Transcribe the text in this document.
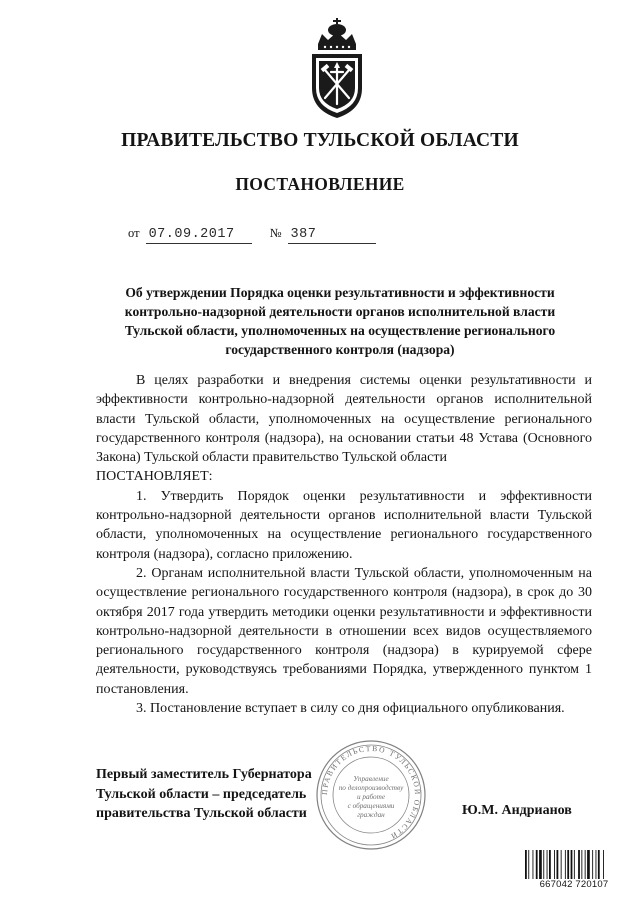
ПРАВИТЕЛЬСТВО ТУЛЬСКОЙ ОБЛАСТИ
ПОСТАНОВЛЕНИЕ
от 07.09.2017	№ 387
Об утверждении Порядка оценки результативности и эффективности контрольно-надзорной деятельности органов исполнительной власти Тульской области, уполномоченных на осуществление регионального государственного контроля (надзора)

В целях разработки и внедрения системы оценки результативности и эффективности контрольно-надзорной деятельности органов исполнительной власти Тульской области, уполномоченных на осуществление регионального государственного контроля (надзора), на основании статьи 48 Устава (Основного Закона) Тульской области правительство Тульской области

ПОСТАНОВЛЯЕТ:

1. Утвердить Порядок оценки результативности и эффективности контрольно-надзорной деятельности органов исполнительной власти Тульской области, уполномоченных на осуществление регионального государственного контроля (надзора), согласно приложению.

2. Органам исполнительной власти Тульской области, уполномоченным на осуществление регионального государственного контроля (надзора), в срок до 30 октября 2017 года утвердить методики оценки результативности и эффективности контрольно-надзорной деятельности в отношении всех видов осуществляемого регионального государственного контроля (надзора) в курируемой сфере деятельности, руководствуясь требованиями Порядка, утвержденного пунктом 1 постановления.

3. Постановление вступает в силу со дня официального опубликования.

Первый заместитель Губернатора
Тульской области – председатель
правительства Тульской области	Ю.М. Андрианов
ПРАВИТЕЛЬСТВО ТУЛЬСКОЙ ОБЛАСТИ
Управление
по делопроизводству
и работе
с обращениями
граждан
667042 720107
